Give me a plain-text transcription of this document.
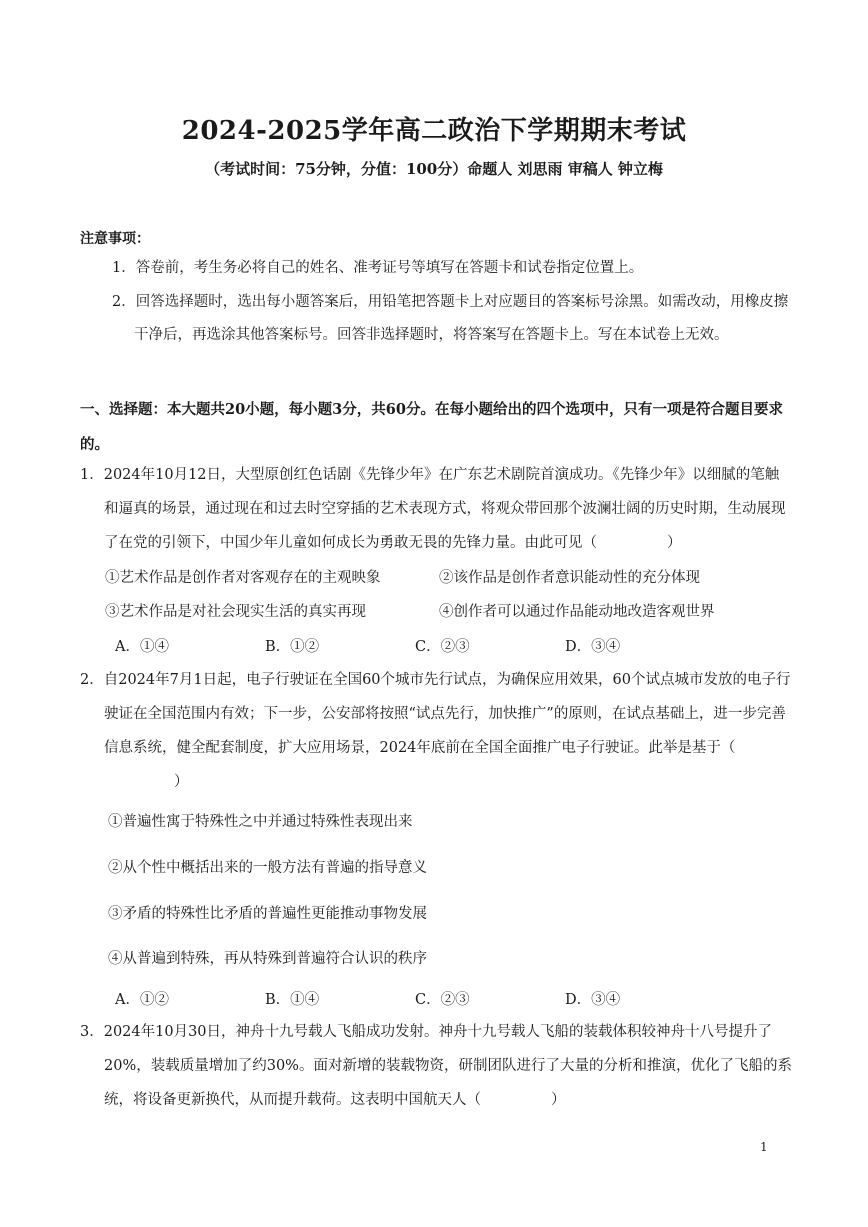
2024-2025学年高二政治下学期期末考试
（考试时间：75分钟，分值：100分）命题人 刘思雨 审稿人 钟立梅
注意事项：
1．答卷前，考生务必将自己的姓名、准考证号等填写在答题卡和试卷指定位置上。
2．回答选择题时，选出每小题答案后，用铅笔把答题卡上对应题目的答案标号涂黑。如需改动，用橡皮擦干净后，再选涂其他答案标号。回答非选择题时，将答案写在答题卡上。写在本试卷上无效。
一、选择题：本大题共20小题，每小题3分，共60分。在每小题给出的四个选项中，只有一项是符合题目要求的。
1．2024年10月12日，大型原创红色话剧《先锋少年》在广东艺术剧院首演成功。《先锋少年》以细腻的笔触和逼真的场景，通过现在和过去时空穿插的艺术表现方式，将观众带回那个波澜壮阔的历史时期，生动展现了在党的引领下，中国少年儿童如何成长为勇敢无畏的先锋力量。由此可见（	）
①艺术作品是创作者对客观存在的主观映象	②该作品是创作者意识能动性的充分体现
③艺术作品是对社会现实生活的真实再现	④创作者可以通过作品能动地改造客观世界
A．①④	B．①②	C．②③	D．③④
2．自2024年7月1日起，电子行驶证在全国60个城市先行试点，为确保应用效果，60个试点城市发放的电子行驶证在全国范围内有效；下一步，公安部将按照“试点先行，加快推广”的原则，在试点基础上，进一步完善信息系统，健全配套制度，扩大应用场景，2024年底前在全国全面推广电子行驶证。此举是基于（）
①普遍性寓于特殊性之中并通过特殊性表现出来
②从个性中概括出来的一般方法有普遍的指导意义
③矛盾的特殊性比矛盾的普遍性更能推动事物发展
④从普遍到特殊，再从特殊到普遍符合认识的秩序
A．①②	B．①④	C．②③	D．③④
3．2024年10月30日，神舟十九号载人飞船成功发射。神舟十九号载人飞船的装载体积较神舟十八号提升了20%，装载质量增加了约30%。面对新增的装载物资，研制团队进行了大量的分析和推演，优化了飞船的系统，将设备更新换代，从而提升载荷。这表明中国航天人（	）
1
